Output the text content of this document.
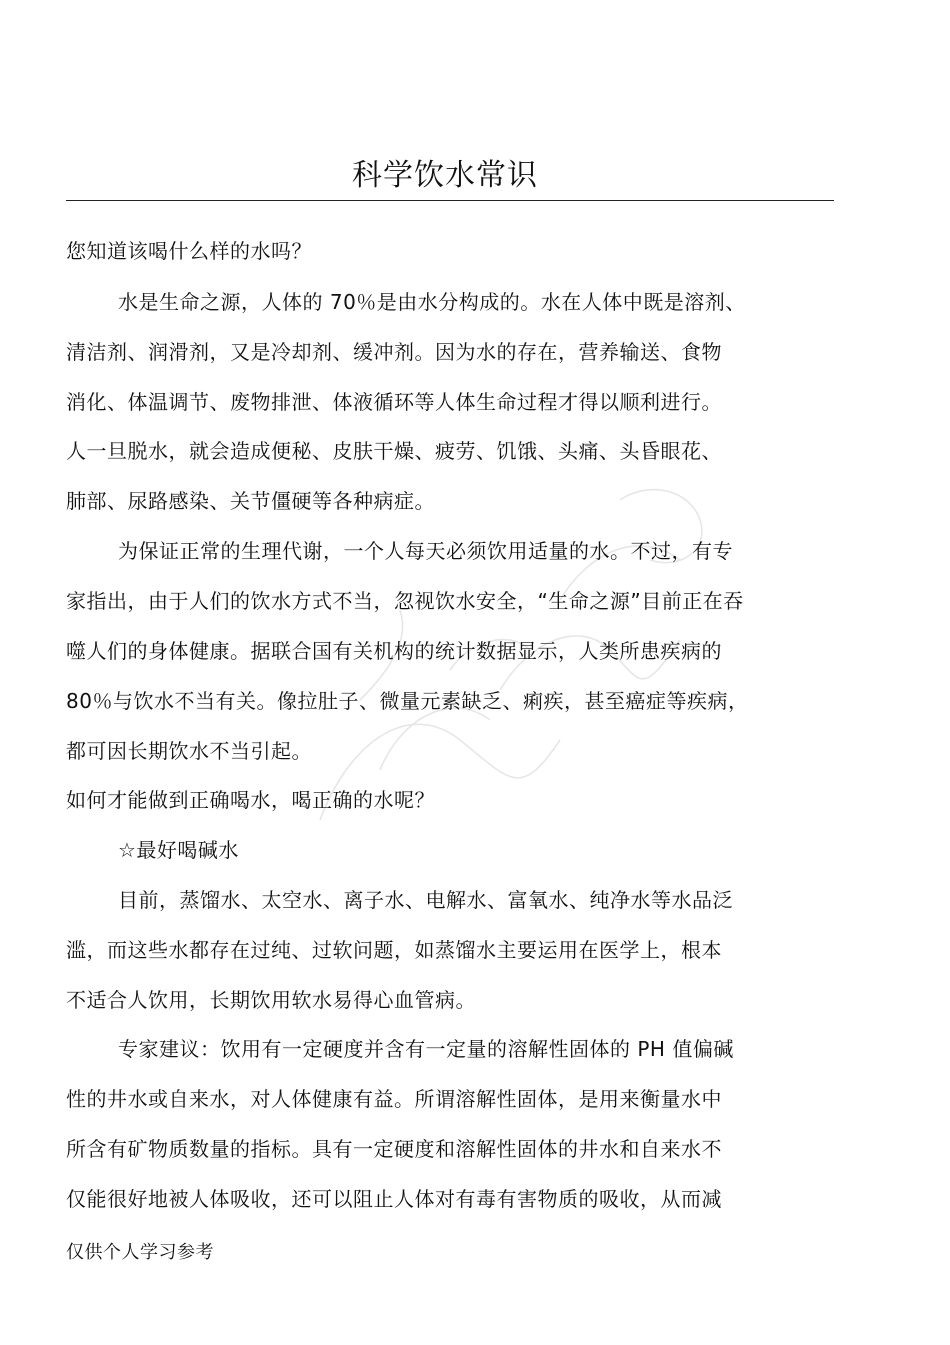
科学饮水常识
您知道该喝什么样的水吗？
水是生命之源，人体的 70％是由水分构成的。水在人体中既是溶剂、
清洁剂、润滑剂，又是冷却剂、缓冲剂。因为水的存在，营养输送、食物
消化、体温调节、废物排泄、体液循环等人体生命过程才得以顺利进行。
人一旦脱水，就会造成便秘、皮肤干燥、疲劳、饥饿、头痛、头昏眼花、
肺部、尿路感染、关节僵硬等各种病症。
为保证正常的生理代谢，一个人每天必须饮用适量的水。不过，有专
家指出，由于人们的饮水方式不当，忽视饮水安全，“生命之源”目前正在吞
噬人们的身体健康。据联合国有关机构的统计数据显示，人类所患疾病的
80％与饮水不当有关。像拉肚子、微量元素缺乏、痢疾，甚至癌症等疾病，
都可因长期饮水不当引起。
如何才能做到正确喝水，喝正确的水呢？
☆最好喝碱水
目前，蒸馏水、太空水、离子水、电解水、富氧水、纯净水等水品泛
滥，而这些水都存在过纯、过软问题，如蒸馏水主要运用在医学上，根本
不适合人饮用，长期饮用软水易得心血管病。
专家建议：饮用有一定硬度并含有一定量的溶解性固体的 PH 值偏碱
性的井水或自来水，对人体健康有益。所谓溶解性固体，是用来衡量水中
所含有矿物质数量的指标。具有一定硬度和溶解性固体的井水和自来水不
仅能很好地被人体吸收，还可以阻止人体对有毒有害物质的吸收，从而减
仅供个人学习参考
